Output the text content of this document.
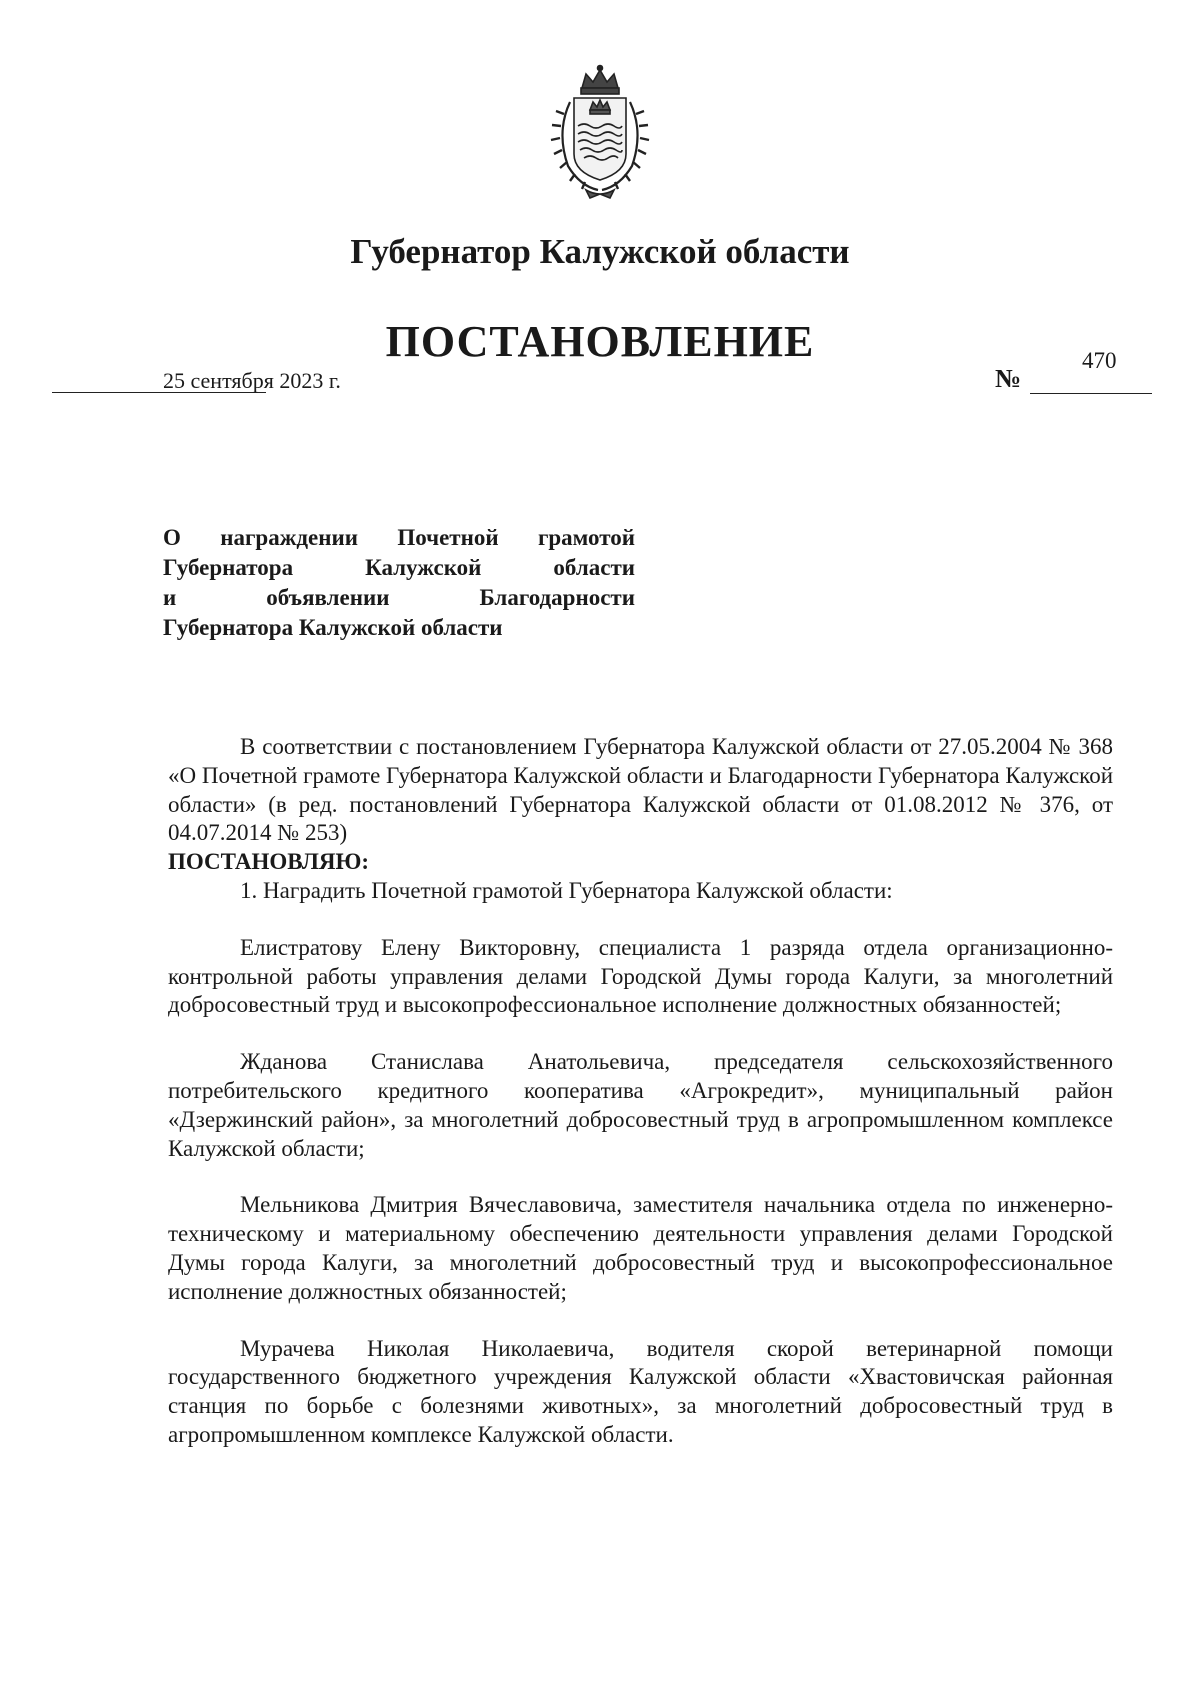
Губернатор Калужской области
ПОСТАНОВЛЕНИЕ
25 сентября 2023 г.	№
470
О награждении Почетной грамотой
Губернатора Калужской области
и объявлении Благодарности
Губернатора Калужской области

В соответствии с постановлением Губернатора Калужской области от 27.05.2004 № 368 «О Почетной грамоте Губернатора Калужской области и Благодарности Губернатора Калужской области» (в ред. постановлений Губернатора Калужской области от 01.08.2012 № 376, от 04.07.2014 № 253)

ПОСТАНОВЛЯЮ:

1. Наградить Почетной грамотой Губернатора Калужской области:

Елистратову Елену Викторовну, специалиста 1 разряда отдела организационно-контрольной работы управления делами Городской Думы города Калуги, за многолетний добросовестный труд и высокопрофессиональное исполнение должностных обязанностей;

Жданова Станислава Анатольевича, председателя сельскохозяйственного потребительского кредитного кооператива «Агрокредит», муниципальный район «Дзержинский район», за многолетний добросовестный труд в агропромышленном комплексе Калужской области;

Мельникова Дмитрия Вячеславовича, заместителя начальника отдела по инженерно-техническому и материальному обеспечению деятельности управления делами Городской Думы города Калуги, за многолетний добросовестный труд и высокопрофессиональное исполнение должностных обязанностей;

Мурачева Николая Николаевича, водителя скорой ветеринарной помощи государственного бюджетного учреждения Калужской области «Хвастовичская районная станция по борьбе с болезнями животных», за многолетний добросовестный труд в агропромышленном комплексе Калужской области.
